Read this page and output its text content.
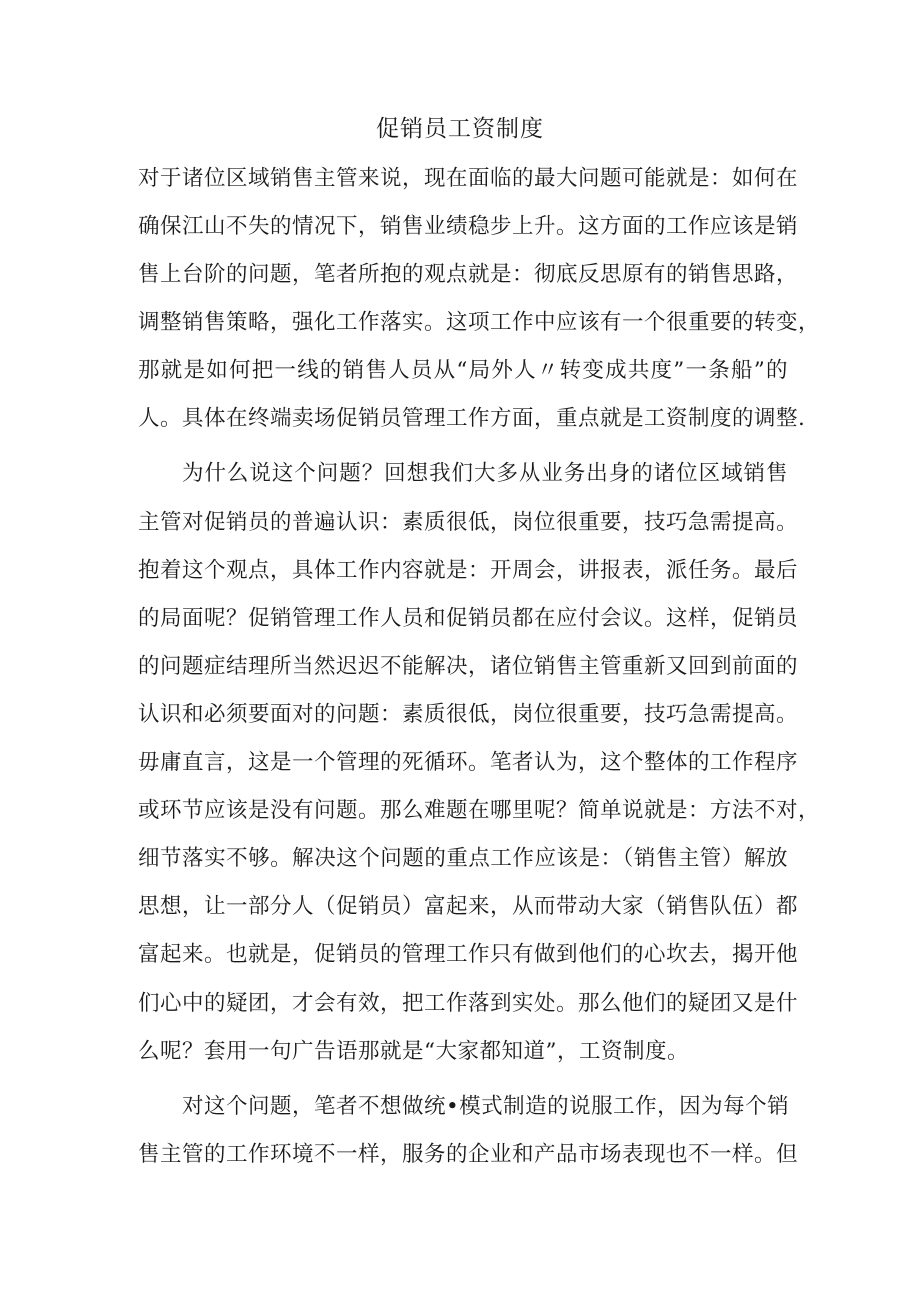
促销员工资制度
对于诸位区域销售主管来说，现在面临的最大问题可能就是：如何在
确保江山不失的情况下，销售业绩稳步上升。这方面的工作应该是销
售上台阶的问题，笔者所抱的观点就是：彻底反思原有的销售思路，
调整销售策略，强化工作落实。这项工作中应该有一个很重要的转变，
那就是如何把一线的销售人员从“局外人〃转变成共度”一条船”的
人。具体在终端卖场促销员管理工作方面，重点就是工资制度的调整.
为什么说这个问题？回想我们大多从业务出身的诸位区域销售
主管对促销员的普遍认识：素质很低，岗位很重要，技巧急需提高。
抱着这个观点，具体工作内容就是：开周会，讲报表，派任务。最后
的局面呢？促销管理工作人员和促销员都在应付会议。这样，促销员
的问题症结理所当然迟迟不能解决，诸位销售主管重新又回到前面的
认识和必须要面对的问题：素质很低，岗位很重要，技巧急需提高。
毋庸直言，这是一个管理的死循环。笔者认为，这个整体的工作程序
或环节应该是没有问题。那么难题在哪里呢？简单说就是：方法不对，
细节落实不够。解决这个问题的重点工作应该是：（销售主管）解放
思想，让一部分人（促销员）富起来，从而带动大家（销售队伍）都
富起来。也就是，促销员的管理工作只有做到他们的心坎去，揭开他
们心中的疑团，才会有效，把工作落到实处。那么他们的疑团又是什
么呢？套用一句广告语那就是“大家都知道”，工资制度。
对这个问题，笔者不想做统•模式制造的说服工作，因为每个销
售主管的工作环境不一样，服务的企业和产品市场表现也不一样。但
